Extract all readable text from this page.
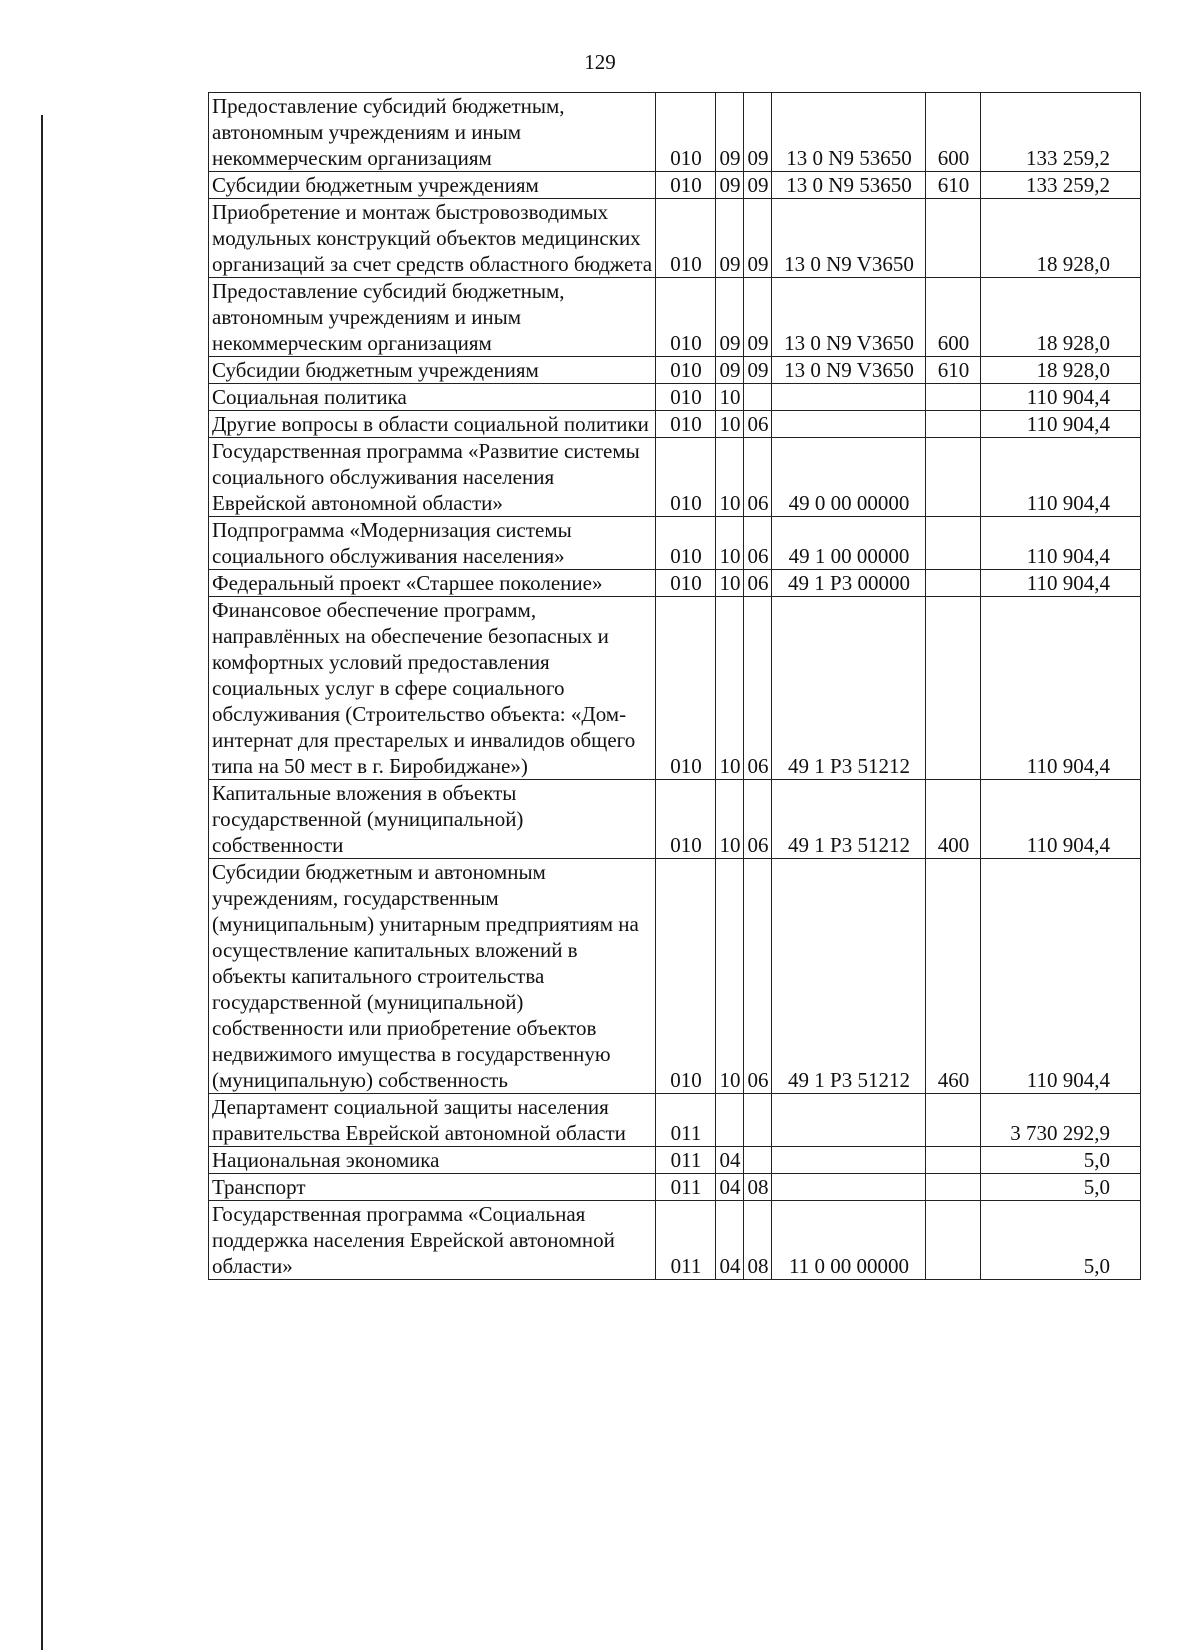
129
Предоставление субсидий бюджетным, автономным учреждениям и иным некоммерческим организациям	010	09	09	13 0 N9 53650	600	133 259,2
Субсидии бюджетным учреждениям	010	09	09	13 0 N9 53650	610	133 259,2
Приобретение и монтаж быстровозводимых модульных конструкций объектов медицинских организаций за счет средств областного бюджета	010	09	09	13 0 N9 V3650		18 928,0
Предоставление субсидий бюджетным, автономным учреждениям и иным некоммерческим организациям	010	09	09	13 0 N9 V3650	600	18 928,0
Субсидии бюджетным учреждениям	010	09	09	13 0 N9 V3650	610	18 928,0
Социальная политика	010	10				110 904,4
Другие вопросы в области социальной политики	010	10	06			110 904,4
Государственная программа «Развитие системы социального обслуживания населения Еврейской автономной области»	010	10	06	49 0 00 00000		110 904,4
Подпрограмма «Модернизация системы социального обслуживания населения»	010	10	06	49 1 00 00000		110 904,4
Федеральный проект «Старшее поколение»	010	10	06	49 1 P3 00000		110 904,4
Финансовое обеспечение программ, направлённых на обеспечение безопасных и комфортных условий предоставления социальных услуг в сфере социального обслуживания (Строительство объекта: «Дом-интернат для престарелых и инвалидов общего типа на 50 мест в г. Биробиджане»)	010	10	06	49 1 P3 51212		110 904,4
Капитальные вложения в объекты государственной (муниципальной) собственности	010	10	06	49 1 P3 51212	400	110 904,4
Субсидии бюджетным и автономным учреждениям, государственным (муниципальным) унитарным предприятиям на осуществление капитальных вложений в объекты капитального строительства государственной (муниципальной) собственности или приобретение объектов недвижимого имущества в государственную (муниципальную) собственность	010	10	06	49 1 P3 51212	460	110 904,4
Департамент социальной защиты населения правительства Еврейской автономной области	011					3 730 292,9
Национальная экономика	011	04				5,0
Транспорт	011	04	08			5,0
Государственная программа «Социальная поддержка населения Еврейской автономной области»	011	04	08	11 0 00 00000		5,0
